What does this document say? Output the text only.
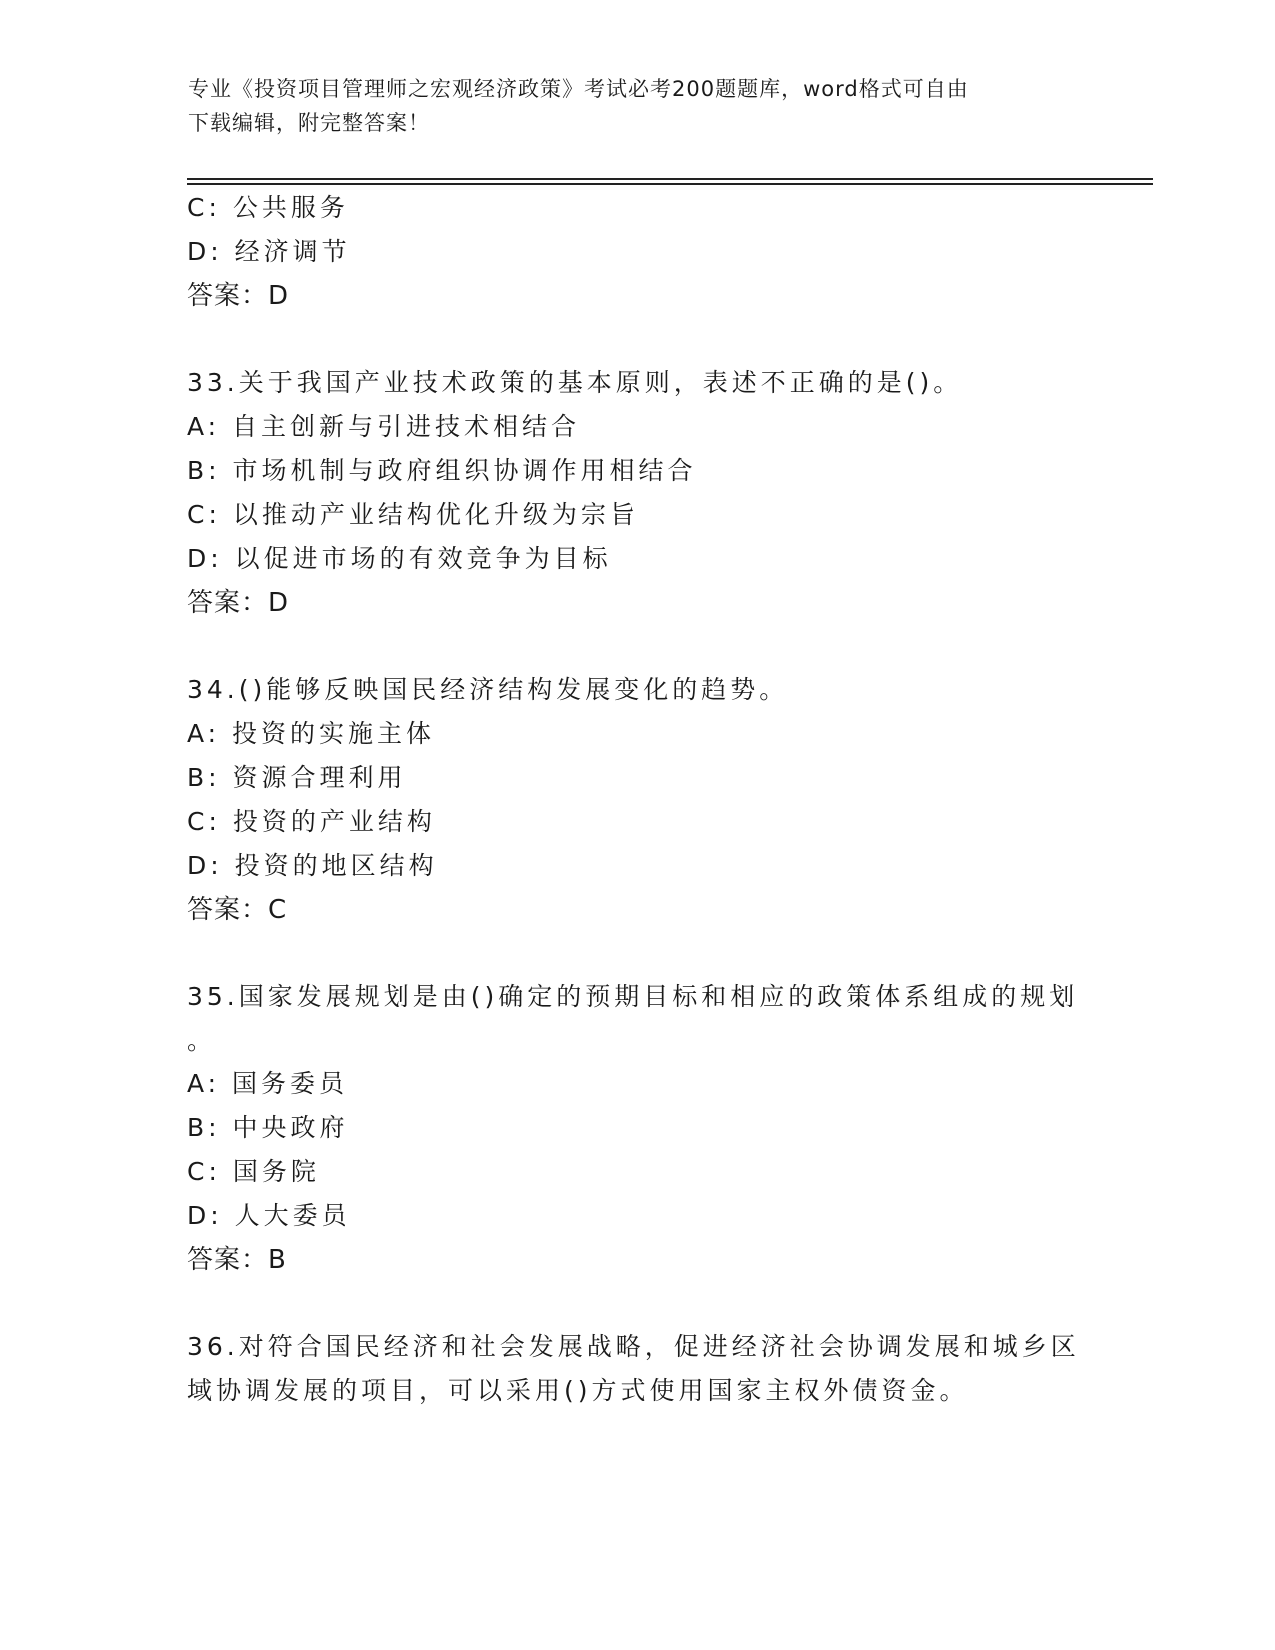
专业《投资项目管理师之宏观经济政策》考试必考200题题库，word格式可自由
下载编辑，附完整答案！
C: 公共服务
D: 经济调节
答案：D
33.关于我国产业技术政策的基本原则，表述不正确的是()。
A: 自主创新与引进技术相结合
B: 市场机制与政府组织协调作用相结合
C: 以推动产业结构优化升级为宗旨
D: 以促进市场的有效竞争为目标
答案：D
34.()能够反映国民经济结构发展变化的趋势。
A: 投资的实施主体
B: 资源合理利用
C: 投资的产业结构
D: 投资的地区结构
答案：C
35.国家发展规划是由()确定的预期目标和相应的政策体系组成的规划
。
A: 国务委员
B: 中央政府
C: 国务院
D: 人大委员
答案：B
36.对符合国民经济和社会发展战略，促进经济社会协调发展和城乡区
域协调发展的项目，可以采用()方式使用国家主权外债资金。
